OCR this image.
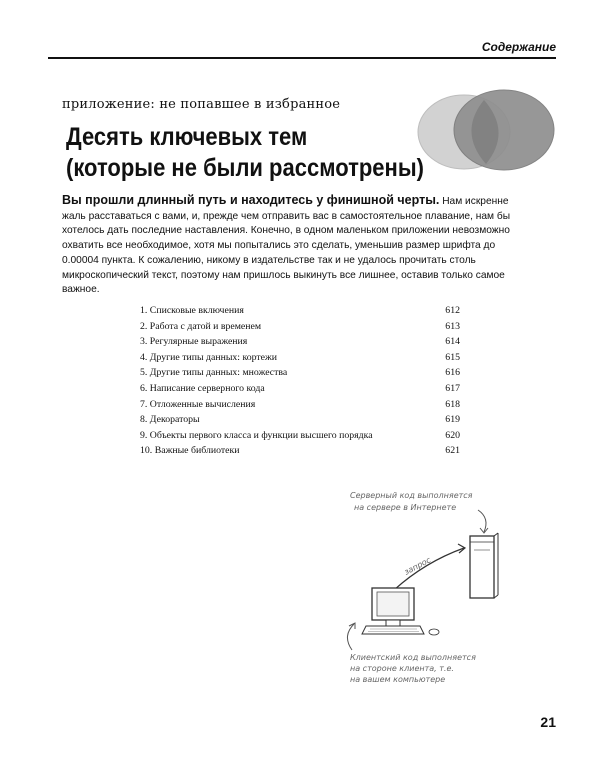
Содержание
приложение: не попавшее в избранное
Десять ключевых тем
(которые не были рассмотрены)

Вы прошли длинный путь и находитесь у финишной черты. Нам искренне жаль расставаться с вами, и, прежде чем отправить вас в самостоятельное плавание, нам бы хотелось дать последние наставления. Конечно, в одном маленьком приложении невозможно охватить все необходимое, хотя мы попытались это сделать, уменьшив размер шрифта до 0.00004 пункта. К сожалению, никому в издательстве так и не удалось прочитать столь микроскопический текст, поэтому нам пришлось выкинуть все лишнее, оставив только самое важное.

1. Списковые включения	612
2. Работа с датой и временем	613
3. Регулярные выражения	614
4. Другие типы данных: кортежи	615
5. Другие типы данных: множества	616
6. Написание серверного кода	617
7. Отложенные вычисления	618
8. Декораторы	619
9. Объекты первого класса и функции высшего порядка	620
10. Важные библиотеки	621
Серверный код выполняется
на сервере в Интернете
запрос
Клиентский код выполняется
на стороне клиента, т.е.
на вашем компьютере
21
